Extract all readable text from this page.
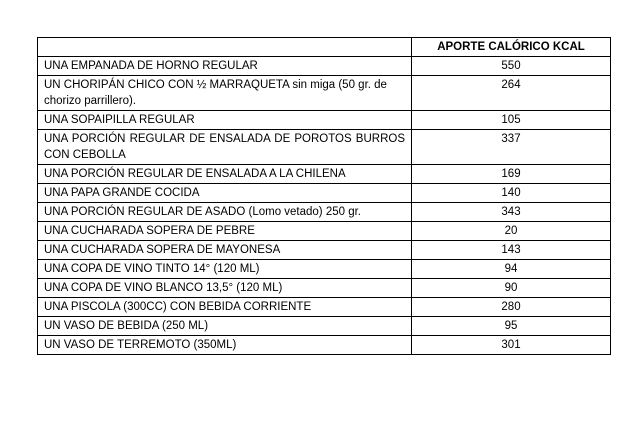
	APORTE CALÓRICO KCAL
UNA EMPANADA DE HORNO REGULAR	550
UN CHORIPÁN CHICO CON ½ MARRAQUETA sin miga (50 gr. de chorizo parrillero).	264
UNA SOPAIPILLA REGULAR	105
UNA PORCIÓN REGULAR DE ENSALADA DE POROTOS BURROS CON CEBOLLA	337
UNA PORCIÓN REGULAR DE ENSALADA A LA CHILENA	169
UNA PAPA GRANDE COCIDA	140
UNA PORCIÓN REGULAR DE ASADO (Lomo vetado) 250 gr.	343
UNA CUCHARADA SOPERA DE PEBRE	20
UNA CUCHARADA SOPERA DE MAYONESA	143
UNA COPA DE VINO TINTO 14° (120 ML)	94
UNA COPA DE VINO BLANCO 13,5° (120 ML)	90
UNA PISCOLA (300CC) CON BEBIDA CORRIENTE	280
UN VASO DE BEBIDA (250 ML)	95
UN VASO DE TERREMOTO (350ML)	301
